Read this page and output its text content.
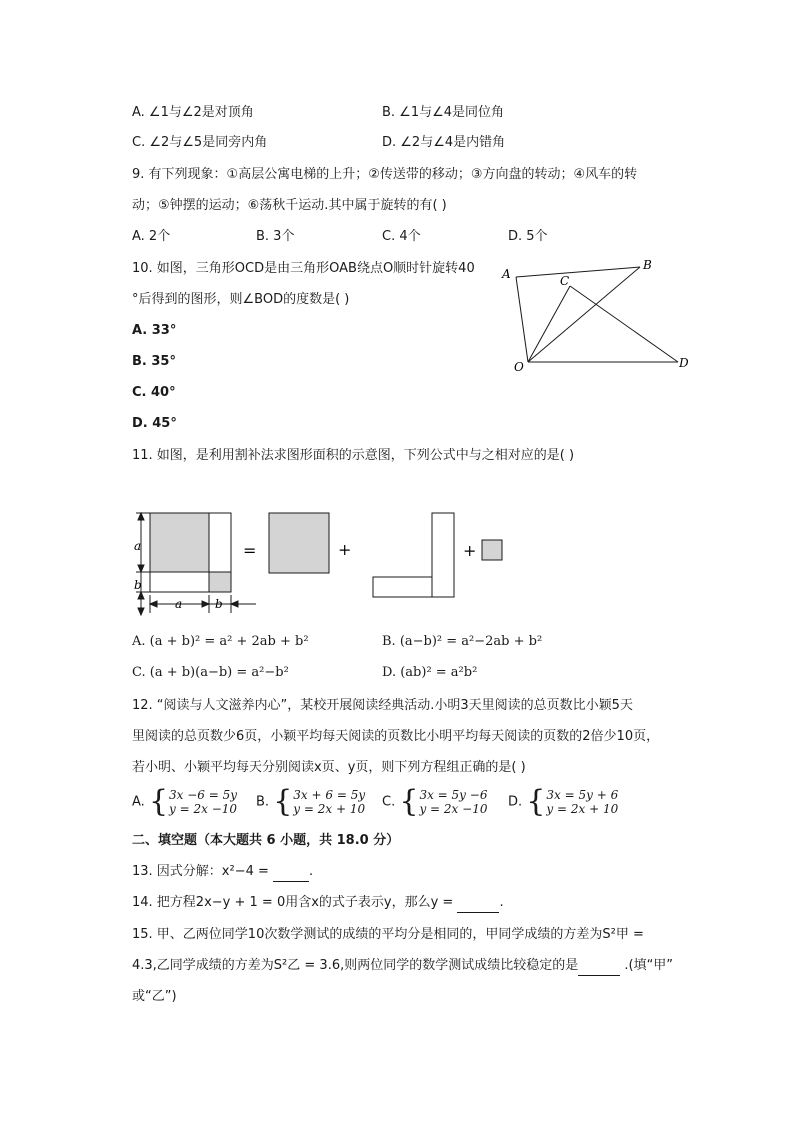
A. ∠1与∠2是对顶角	B. ∠1与∠4是同位角
C. ∠2与∠5是同旁内角	D. ∠2与∠4是内错角
9. 有下列现象：①高层公寓电梯的上升；②传送带的移动；③方向盘的转动；④风车的转
动；⑤钟摆的运动；⑥荡秋千运动.其中属于旋转的有( )
A. 2个	B. 3个	C. 4个	D. 5个
10. 如图，三角形OCD是由三角形OAB绕点O顺时针旋转40
°后得到的图形，则∠BOD的度数是( )
A. 33°
B. 35°
C. 40°
D. 45°
A
B
C
O	D
11. 如图，是利用割补法求图形面积的示意图，下列公式中与之相对应的是( )
a
b
a	b
=	+	+
A. (a + b)² = a² + 2ab + b²	B. (a−b)² = a²−2ab + b²
C. (a + b)(a−b) = a²−b²	D. (ab)² = a²b²
12. “阅读与人文滋养内心”，某校开展阅读经典活动.小明3天里阅读的总页数比小颖5天
里阅读的总页数少6页，小颖平均每天阅读的页数比小明平均每天阅读的页数的2倍少10页，
若小明、小颖平均每天分别阅读x页、y页，则下列方程组正确的是( )
A. {3x −6 = 5y
y = 2x −10 B. {3x + 6 = 5y
y = 2x + 10 C. {3x = 5y −6
y = 2x −10 D. {3x = 5y + 6
y = 2x + 10
二、填空题（本大题共 6 小题，共 18.0 分）
13. 因式分解：x²−4 =	.
14. 把方程2x−y + 1 = 0用含x的式子表示y，那么y =	.
15. 甲、乙两位同学10次数学测试的成绩的平均分是相同的，甲同学成绩的方差为S²甲 =
4.3,乙同学成绩的方差为S²乙 = 3.6,则两位同学的数学测试成绩比较稳定的是	.(填“甲”
或“乙”)
